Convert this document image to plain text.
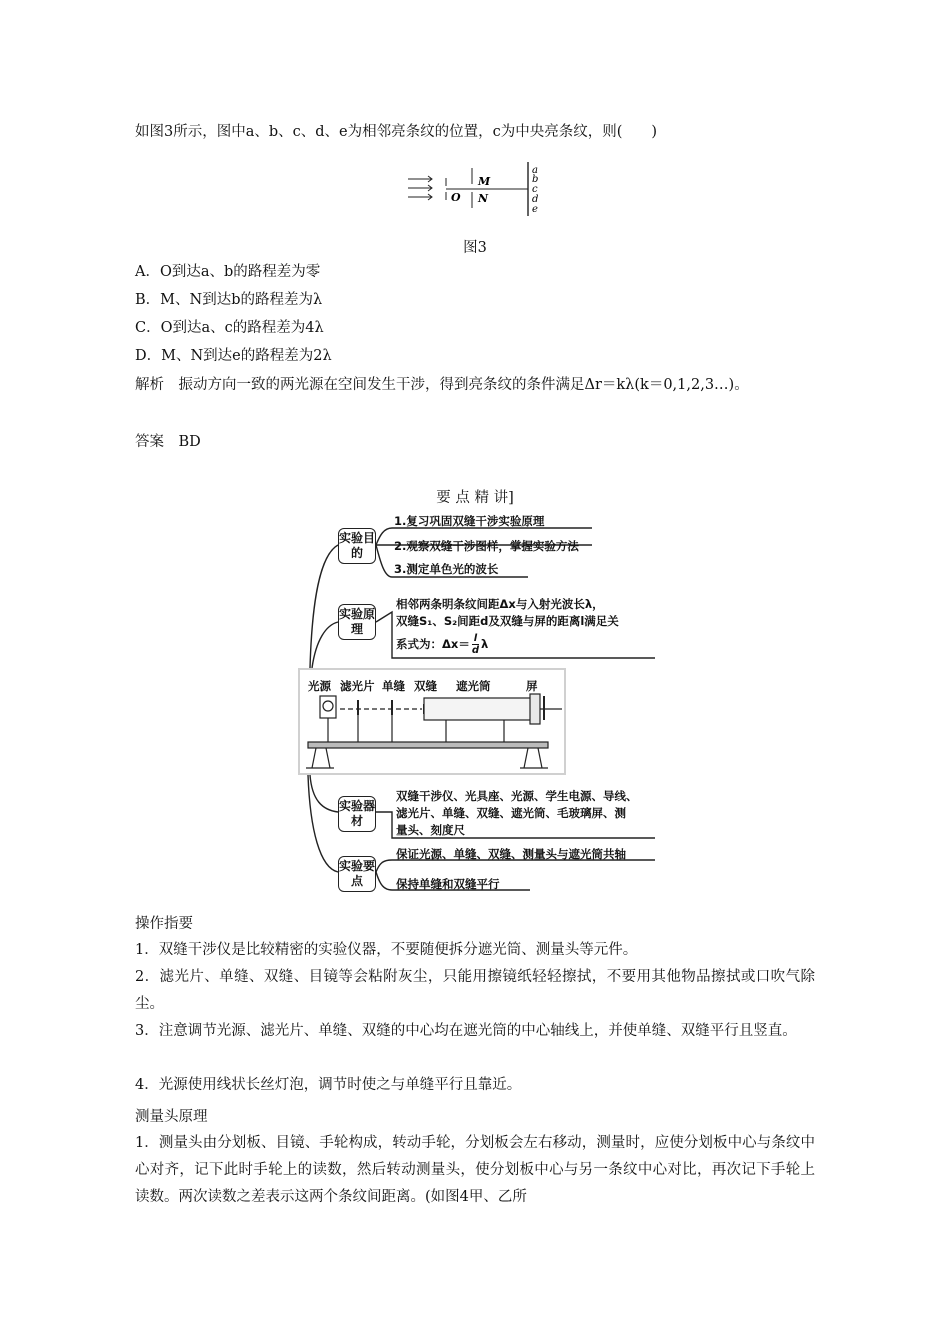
如图3所示，图中a、b、c、d、e为相邻亮条纹的位置，c为中央亮条纹，则(　　)
O
M
N
a
b
c
d
e
图3
A．O到达a、b的路程差为零
B．M、N到达b的路程差为λ
C．O到达a、c的路程差为4λ
D．M、N到达e的路程差为2λ
解析　振动方向一致的两光源在空间发生干涉，得到亮条纹的条件满足Δr＝kλ(k＝0,1,2,3…)。
答案　BD
要 点 精 讲]
实验目的
1.复习巩固双缝干涉实验原理
2.观察双缝干涉图样，掌握实验方法
3.测定单色光的波长
实验原理
相邻两条明条纹间距Δx与入射光波长λ，
双缝S₁、S₂间距d及双缝与屏的距离l满足关
系式为：$\Delta x= \frac{l}{d}$ λ
光源 滤光片 单缝 双缝 遮光筒	屏
实验器材
双缝干涉仪、光具座、光源、学生电源、导线、
滤光片、单缝、双缝、遮光筒、毛玻璃屏、测
量头、刻度尺
实验要点
保证光源、单缝、双缝、测量头与遮光筒共轴
保持单缝和双缝平行
操作指要
1．双缝干涉仪是比较精密的实验仪器，不要随便拆分遮光筒、测量头等元件。
2．滤光片、单缝、双缝、目镜等会粘附灰尘，只能用擦镜纸轻轻擦拭，不要用其他物品擦拭或口吹气除尘。
3．注意调节光源、滤光片、单缝、双缝的中心均在遮光筒的中心轴线上，并使单缝、双缝平行且竖直。
4．光源使用线状长丝灯泡，调节时使之与单缝平行且靠近。
测量头原理
1．测量头由分划板、目镜、手轮构成，转动手轮，分划板会左右移动，测量时，应使分划板中心与条纹中心对齐，记下此时手轮上的读数，然后转动测量头，使分划板中心与另一条纹中心对比，再次记下手轮上读数。两次读数之差表示这两个条纹间距离。(如图4甲、乙所
